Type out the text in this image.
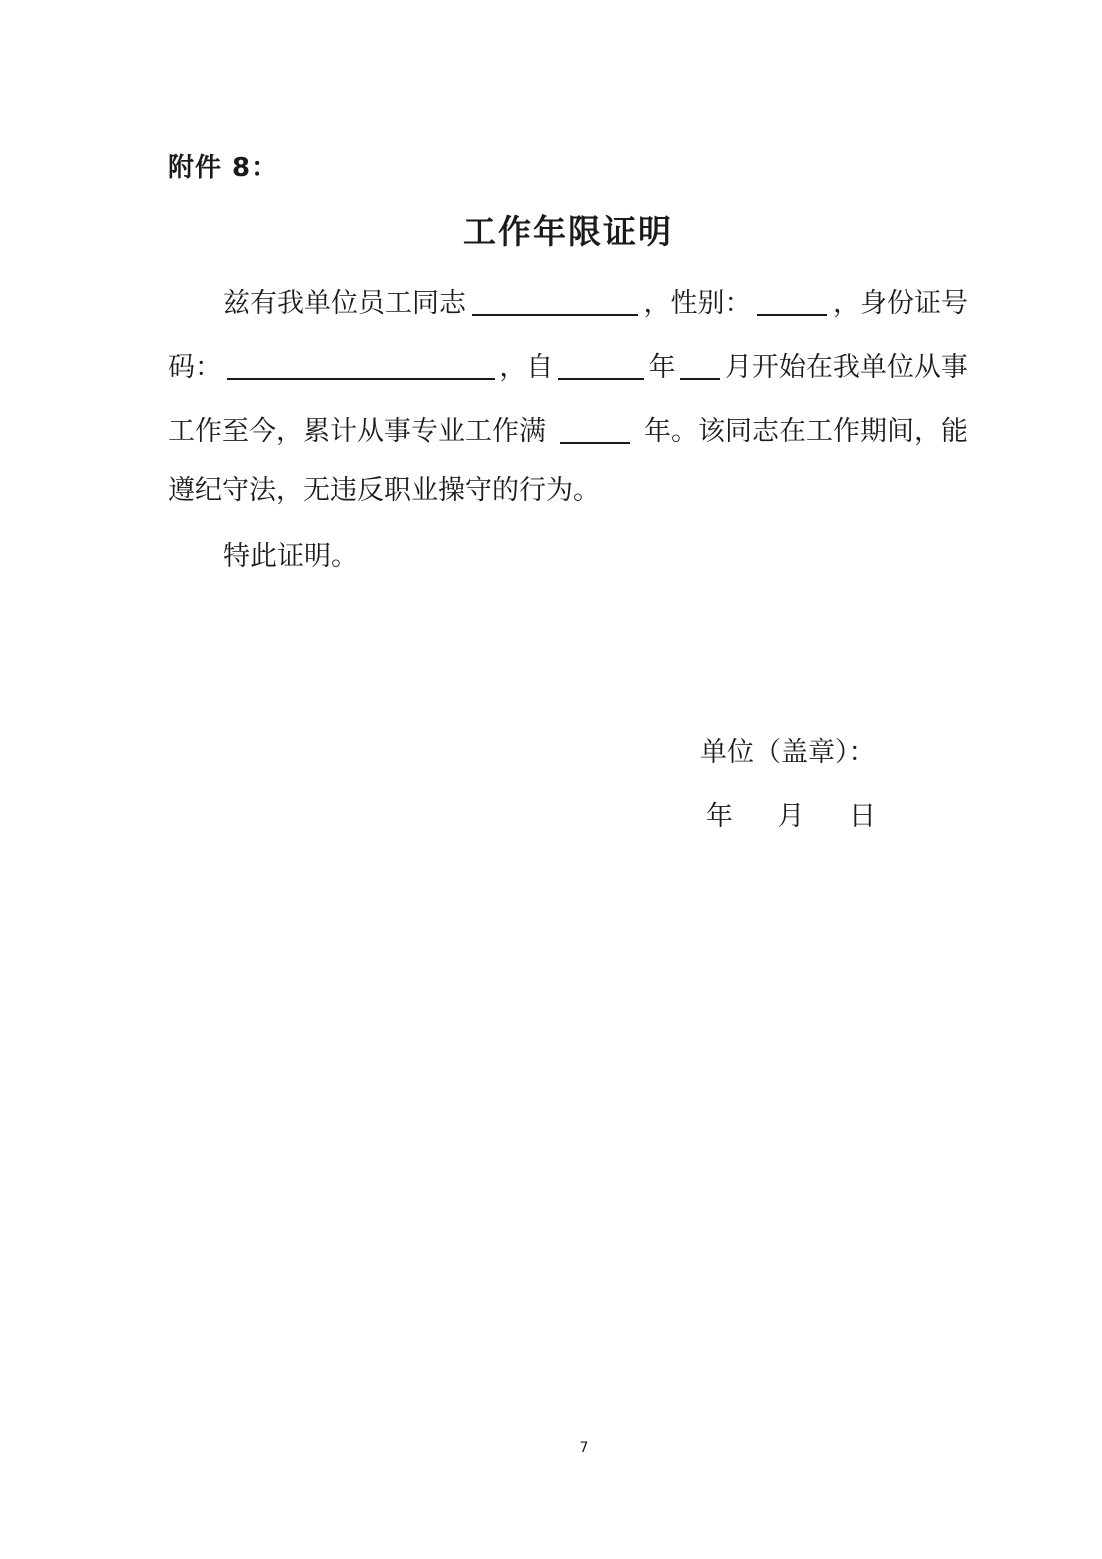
附件 8：
工作年限证明
兹有我单位员工同志	，性别：	，身份证号
码：	，自	年 月开始在我单位从事
工作至今，累计从事专业工作满	年。该同志在工作期间，能
遵纪守法，无违反职业操守的行为。
特此证明。
单位（盖章）：
年 月 日
7
